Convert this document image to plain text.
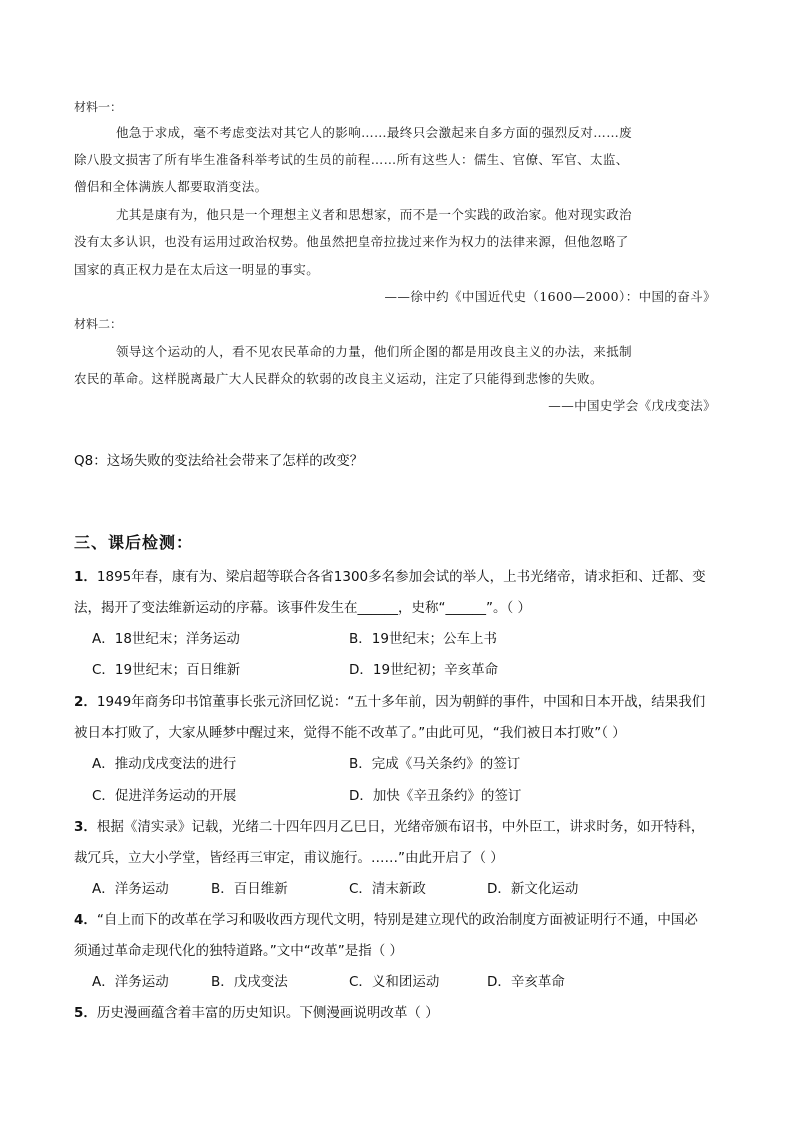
材料一：
他急于求成，毫不考虑变法对其它人的影响……最终只会激起来自多方面的强烈反对……废
除八股文损害了所有毕生准备科举考试的生员的前程……所有这些人：儒生、官僚、军官、太监、
僧侣和全体满族人都要取消变法。
尤其是康有为，他只是一个理想主义者和思想家，而不是一个实践的政治家。他对现实政治
没有太多认识，也没有运用过政治权势。他虽然把皇帝拉拢过来作为权力的法律来源，但他忽略了
国家的真正权力是在太后这一明显的事实。
——徐中约《中国近代史（1600—2000）：中国的奋斗》
材料二：
领导这个运动的人，看不见农民革命的力量，他们所企图的都是用改良主义的办法，来抵制
农民的革命。这样脱离最广大人民群众的软弱的改良主义运动，注定了只能得到悲惨的失败。
——中国史学会《戊戌变法》
Q8：这场失败的变法给社会带来了怎样的改变？
三、课后检测：
1．1895年春，康有为、梁启超等联合各省1300多名参加会试的举人，上书光绪帝，请求拒和、迁都、变
法，揭开了变法维新运动的序幕。该事件发生在______，史称“______”。（ ）
A．18世纪末；洋务运动	B．19世纪末；公车上书
C．19世纪末；百日维新	D．19世纪初；辛亥革命
2．1949年商务印书馆董事长张元济回忆说：“五十多年前，因为朝鲜的事件，中国和日本开战，结果我们
被日本打败了，大家从睡梦中醒过来，觉得不能不改革了。”由此可见，“我们被日本打败”（ ）
A．推动戊戌变法的进行	B．完成《马关条约》的签订
C．促进洋务运动的开展	D．加快《辛丑条约》的签订
3．根据《清实录》记载，光绪二十四年四月乙巳日，光绪帝颁布诏书，中外臣工，讲求时务，如开特科，
裁冗兵，立大小学堂，皆经再三审定，甫议施行。……”由此开启了（ ）
A．洋务运动	B．百日维新	C．清末新政	D．新文化运动
4．“自上而下的改革在学习和吸收西方现代文明，特别是建立现代的政治制度方面被证明行不通，中国必
须通过革命走现代化的独特道路。”文中“改革”是指（ ）
A．洋务运动	B．戊戌变法	C．义和团运动	D．辛亥革命
5．历史漫画蕴含着丰富的历史知识。下侧漫画说明改革（ ）
